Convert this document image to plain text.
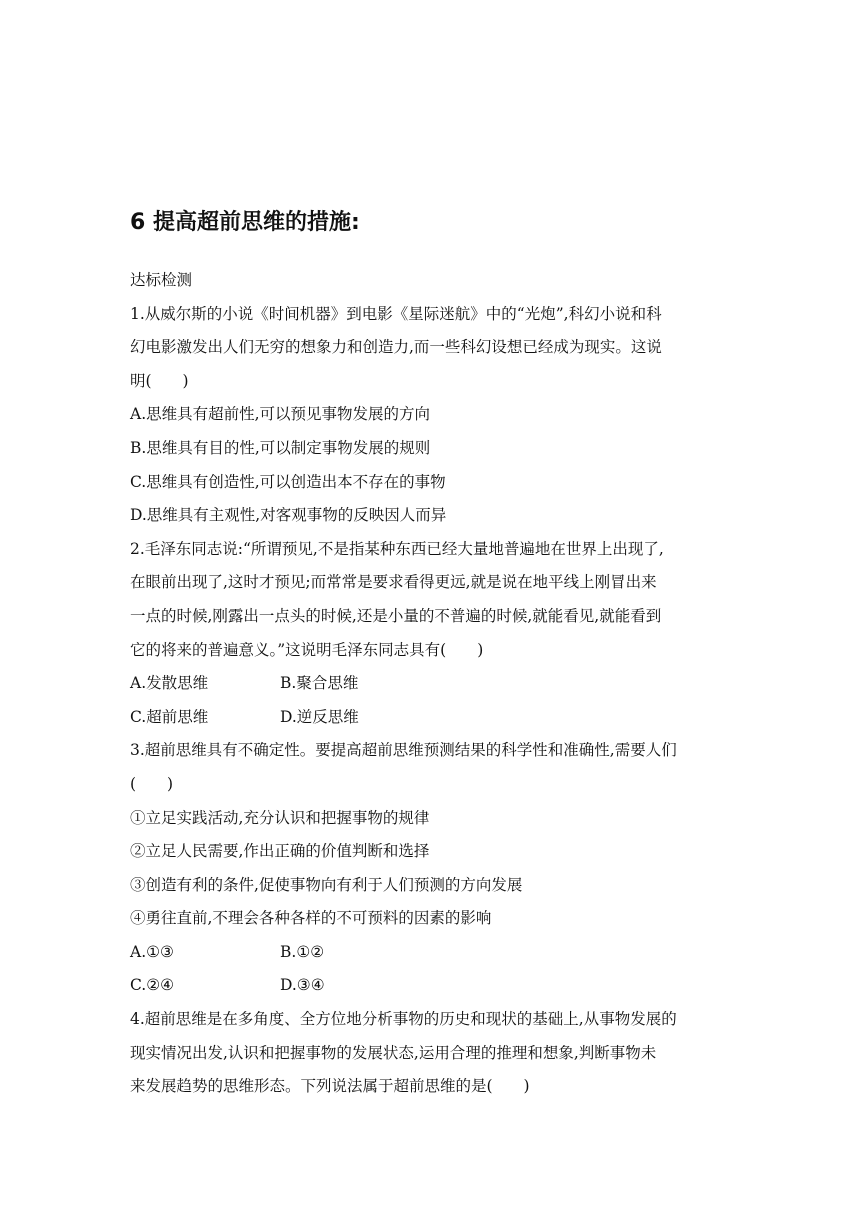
6 提高超前思维的措施:
达标检测
1.从威尔斯的小说《时间机器》到电影《星际迷航》中的“光炮”,科幻小说和科
幻电影激发出人们无穷的想象力和创造力,而一些科幻设想已经成为现实。这说
明(　　)
A.思维具有超前性,可以预见事物发展的方向
B.思维具有目的性,可以制定事物发展的规则
C.思维具有创造性,可以创造出本不存在的事物
D.思维具有主观性,对客观事物的反映因人而异
2.毛泽东同志说:“所谓预见,不是指某种东西已经大量地普遍地在世界上出现了,
在眼前出现了,这时才预见;而常常是要求看得更远,就是说在地平线上刚冒出来
一点的时候,刚露出一点头的时候,还是小量的不普遍的时候,就能看见,就能看到
它的将来的普遍意义。”这说明毛泽东同志具有(　　)
A.发散思维	B.聚合思维
C.超前思维	D.逆反思维
3.超前思维具有不确定性。要提高超前思维预测结果的科学性和准确性,需要人们
(　　)
①立足实践活动,充分认识和把握事物的规律
②立足人民需要,作出正确的价值判断和选择
③创造有利的条件,促使事物向有利于人们预测的方向发展
④勇往直前,不理会各种各样的不可预料的因素的影响
A.①③	B.①②
C.②④	D.③④
4.超前思维是在多角度、全方位地分析事物的历史和现状的基础上,从事物发展的
现实情况出发,认识和把握事物的发展状态,运用合理的推理和想象,判断事物未
来发展趋势的思维形态。下列说法属于超前思维的是(　　)
